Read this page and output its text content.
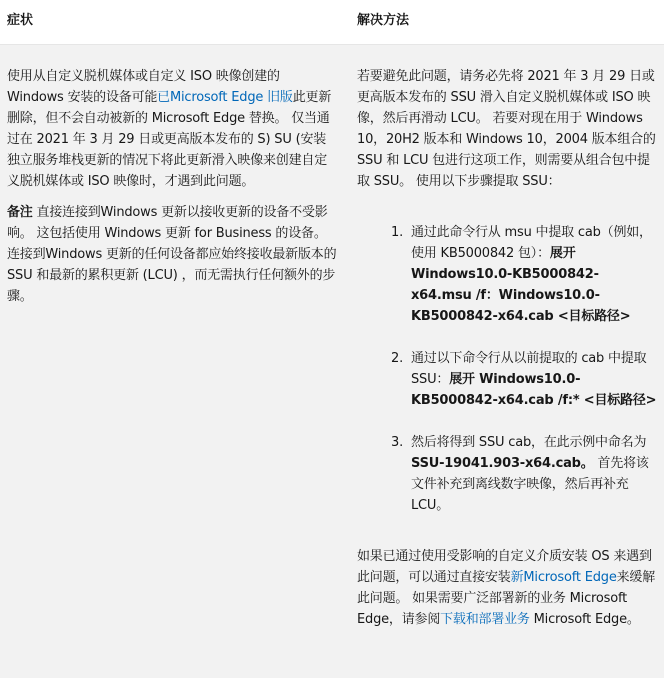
症状	解决方法

使用从自定义脱机媒体或自定义 ISO 映像创建的 Windows 安装的设备可能已Microsoft Edge 旧版此更新删除，但不会自动被新的 Microsoft Edge 替换。 仅当通过在 2021 年 3 月 29 日或更高版本发布的 S) SU (安装独立服务堆栈更新的情况下将此更新滑入映像来创建自定义脱机媒体或 ISO 映像时，才遇到此问题。

备注 直接连接到Windows 更新以接收更新的设备不受影响。 这包括使用 Windows 更新 for Business 的设备。 连接到Windows 更新的任何设备都应始终接收最新版本的 SSU 和最新的累积更新 (LCU) ，而无需执行任何额外的步骤。

若要避免此问题，请务必先将 2021 年 3 月 29 日或更高版本发布的 SSU 滑入自定义脱机媒体或 ISO 映像，然后再滑动 LCU。 若要对现在用于 Windows 10，20H2 版本和 Windows 10，2004 版本组合的 SSU 和 LCU 包进行这项工作，则需要从组合包中提取 SSU。 使用以下步骤提取 SSU：

1. 通过此命令行从 msu 中提取 cab（例如，使用 KB5000842 包）：展开 Windows10.0-KB5000842-x64.msu /f：Windows10.0-KB5000842-x64.cab <目标路径>
2. 通过以下命令行从以前提取的 cab 中提取 SSU：展开 Windows10.0-KB5000842-x64.cab /f:* <目标路径>
3. 然后将得到 SSU cab，在此示例中命名为SSU-19041.903-x64.cab。 首先将该文件补充到离线数字映像，然后再补充 LCU。

如果已通过使用受影响的自定义介质安装 OS 来遇到此问题，可以通过直接安装新Microsoft Edge来缓解此问题。 如果需要广泛部署新的业务 Microsoft Edge，请参阅下载和部署业务 Microsoft Edge。
